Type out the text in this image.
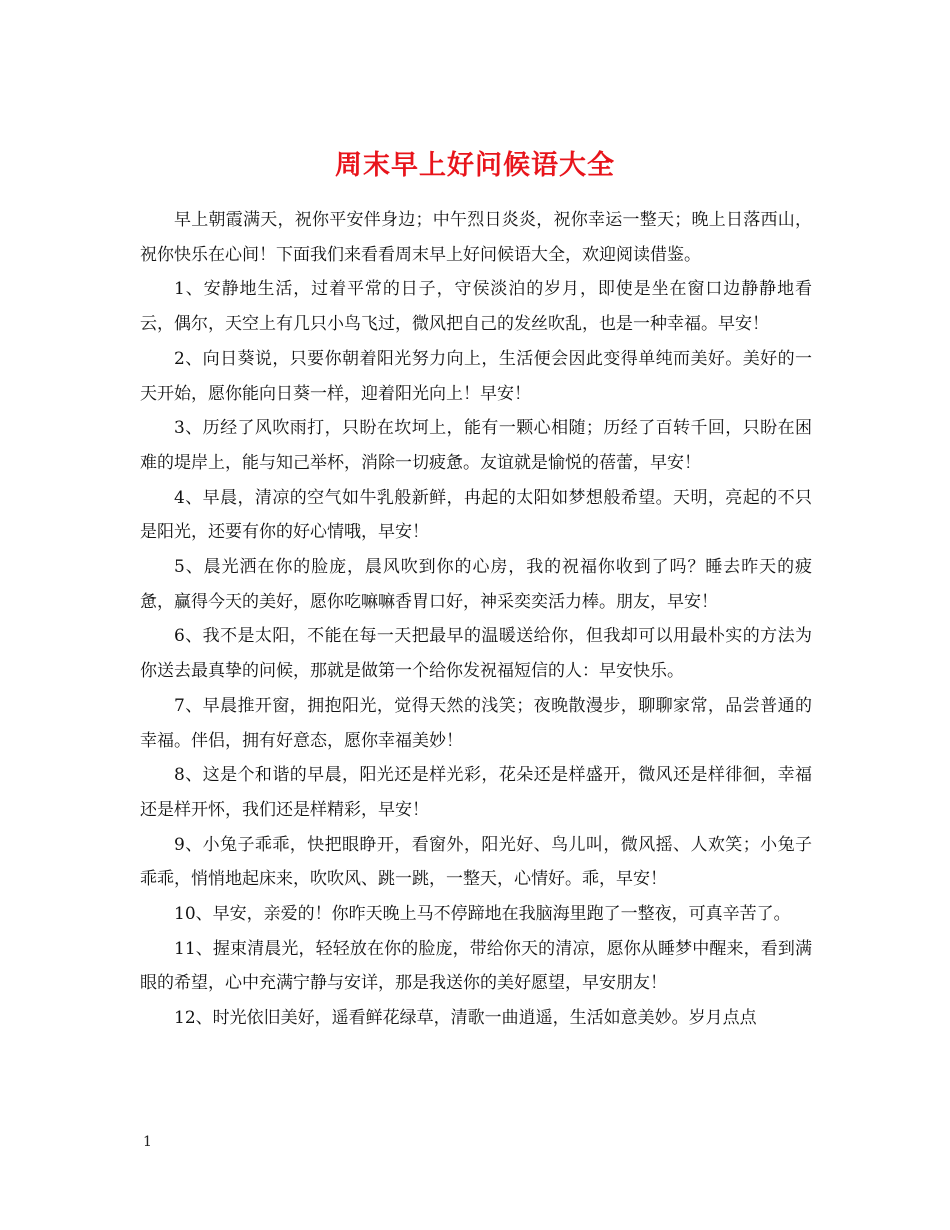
周末早上好问候语大全

早上朝霞满天，祝你平安伴身边；中午烈日炎炎，祝你幸运一整天；晚上日落西山，祝你快乐在心间！下面我们来看看周末早上好问候语大全，欢迎阅读借鉴。

1、安静地生活，过着平常的日子，守侯淡泊的岁月，即使是坐在窗口边静静地看云，偶尔，天空上有几只小鸟飞过，微风把自己的发丝吹乱，也是一种幸福。早安！

2、向日葵说，只要你朝着阳光努力向上，生活便会因此变得单纯而美好。美好的一天开始，愿你能向日葵一样，迎着阳光向上！早安！

3、历经了风吹雨打，只盼在坎坷上，能有一颗心相随；历经了百转千回，只盼在困难的堤岸上，能与知己举杯，消除一切疲惫。友谊就是愉悦的蓓蕾，早安！

4、早晨，清凉的空气如牛乳般新鲜，冉起的太阳如梦想般希望。天明，亮起的不只是阳光，还要有你的好心情哦，早安！

5、晨光洒在你的脸庞，晨风吹到你的心房，我的祝福你收到了吗？睡去昨天的疲惫，赢得今天的美好，愿你吃嘛嘛香胃口好，神采奕奕活力棒。朋友，早安！

6、我不是太阳，不能在每一天把最早的温暖送给你，但我却可以用最朴实的方法为你送去最真挚的问候，那就是做第一个给你发祝福短信的人：早安快乐。

7、早晨推开窗，拥抱阳光，觉得天然的浅笑；夜晚散漫步，聊聊家常，品尝普通的幸福。伴侣，拥有好意态，愿你幸福美妙！

8、这是个和谐的早晨，阳光还是样光彩，花朵还是样盛开，微风还是样徘徊，幸福还是样开怀，我们还是样精彩，早安！

9、小兔子乖乖，快把眼睁开，看窗外，阳光好、鸟儿叫，微风摇、人欢笑；小兔子乖乖，悄悄地起床来，吹吹风、跳一跳，一整天，心情好。乖，早安！

10、早安，亲爱的！你昨天晚上马不停蹄地在我脑海里跑了一整夜，可真辛苦了。

11、握束清晨光，轻轻放在你的脸庞，带给你天的清凉，愿你从睡梦中醒来，看到满眼的希望，心中充满宁静与安详，那是我送你的美好愿望，早安朋友！

12、时光依旧美好，遥看鲜花绿草，清歌一曲逍遥，生活如意美妙。岁月点点

1
